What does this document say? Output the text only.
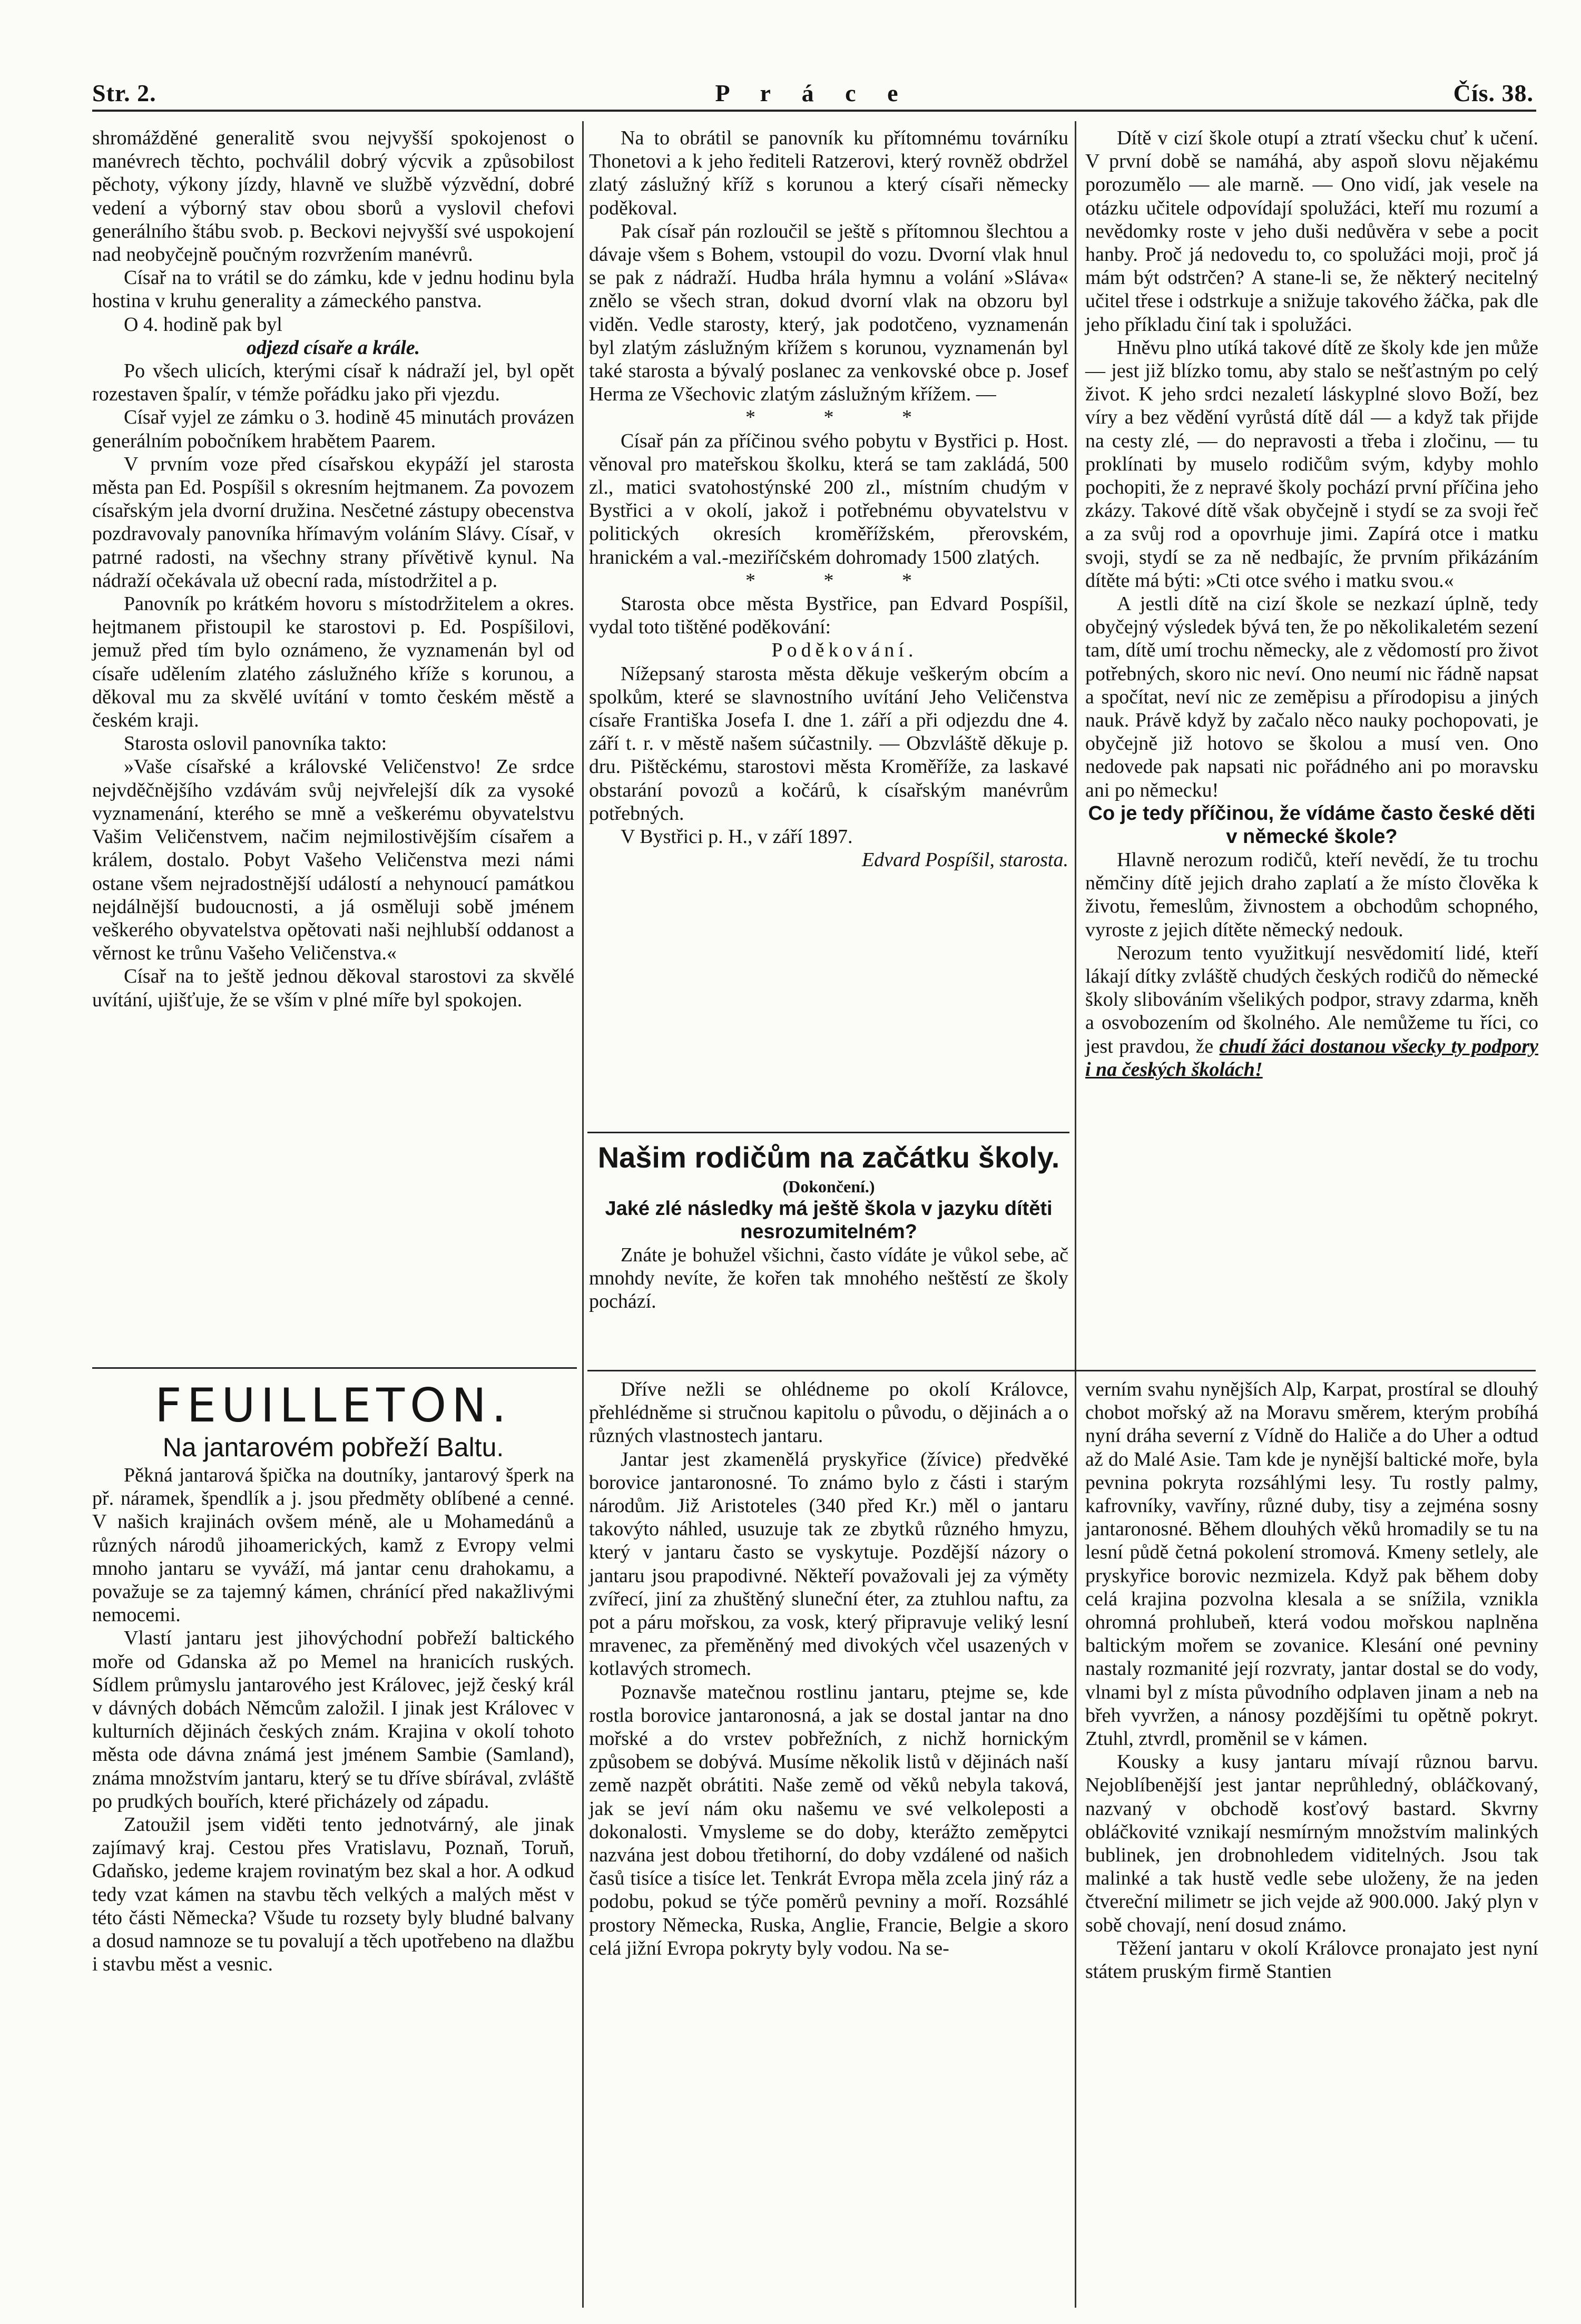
Str. 2.	P r á c e	Čís. 38.

shromážděné generalitě svou nejvyšší spokojenost o manévrech těchto, pochválil dobrý výcvik a způsobilost pěchoty, výkony jízdy, hlavně ve službě výzvědní, dobré vedení a výborný stav obou sborů a vyslovil chefovi generálního štábu svob. p. Beckovi nejvyšší své uspokojení nad neobyčejně poučným rozvržením manévrů.

Císař na to vrátil se do zámku, kde v jednu hodinu byla hostina v kruhu generality a zámeckého panstva.

O 4. hodině pak byl

odjezd císaře a krále.

Po všech ulicích, kterými císař k nádraží jel, byl opět rozestaven špalír, v témže pořádku jako při vjezdu.

Císař vyjel ze zámku o 3. hodině 45 minutách provázen generálním pobočníkem hrabětem Paarem.

V prvním voze před císařskou ekypáží jel starosta města pan Ed. Pospíšil s okresním hejtmanem. Za povozem císařským jela dvorní družina. Nesčetné zástupy obecenstva pozdravovaly panovníka hřímavým voláním Slávy. Císař, v patrné radosti, na všechny strany přívětivě kynul. Na nádraží očekávala už obecní rada, místodržitel a p.

Panovník po krátkém hovoru s místodržitelem a okres. hejtmanem přistoupil ke starostovi p. Ed. Pospíšilovi, jemuž před tím bylo oznámeno, že vyznamenán byl od císaře udělením zlatého záslužného kříže s korunou, a děkoval mu za skvělé uvítání v tomto českém městě a českém kraji.

Starosta oslovil panovníka takto:

»Vaše císařské a královské Veličenstvo! Ze srdce nejvděčnějšího vzdávám svůj nejvřelejší dík za vysoké vyznamenání, kterého se mně a veškerému obyvatelstvu Vašim Veličenstvem, načim nejmilostivějším císařem a králem, dostalo. Pobyt Vašeho Veličenstva mezi námi ostane všem nejradostnější událostí a nehynoucí památkou nejdálnější budoucnosti, a já osměluji sobě jménem veškerého obyvatelstva opětovati naši nejhlubší oddanost a věrnost ke trůnu Vašeho Veličenstva.«

Císař na to ještě jednou děkoval starostovi za skvělé uvítání, ujišťuje, že se vším v plné míře byl spokojen.

FEUILLETON.
Na jantarovém pobřeží Baltu.

Pěkná jantarová špička na doutníky, jantarový šperk na př. náramek, špendlík a j. jsou předměty oblíbené a cenné. V našich krajinách ovšem méně, ale u Mohamedánů a různých národů jihoamerických, kamž z Evropy velmi mnoho jantaru se vyváží, má jantar cenu drahokamu, a považuje se za tajemný kámen, chránící před nakažlivými nemocemi.

Vlastí jantaru jest jihovýchodní pobřeží baltického moře od Gdanska až po Memel na hranicích ruských. Sídlem průmyslu jantarového jest Královec, jejž český král v dávných dobách Němcům založil. I jinak jest Královec v kulturních dějinách českých znám. Krajina v okolí tohoto města ode dávna známá jest jménem Sambie (Samland), známa množstvím jantaru, který se tu dříve sbírával, zvláště po prudkých bouřích, které přicházely od západu.

Zatoužil jsem viděti tento jednotvárný, ale jinak zajímavý kraj. Cestou přes Vratislavu, Poznaň, Toruň, Gdaňsko, jedeme krajem rovinatým bez skal a hor. A odkud tedy vzat kámen na stavbu těch velkých a malých měst v této části Německa? Všude tu rozsety byly bludné balvany a dosud namnoze se tu povalují a těch upotřebeno na dlažbu i stavbu měst a vesnic.

Na to obrátil se panovník ku přítomnému továrníku Thonetovi a k jeho řediteli Ratzerovi, který rovněž obdržel zlatý záslužný kříž s korunou a který císaři německy poděkoval.

Pak císař pán rozloučil se ještě s přítomnou šlechtou a dávaje všem s Bohem, vstoupil do vozu. Dvorní vlak hnul se pak z nádraží. Hudba hrála hymnu a volání »Sláva« znělo se všech stran, dokud dvorní vlak na obzoru byl viděn. Vedle starosty, který, jak podotčeno, vyznamenán byl zlatým záslužným křížem s korunou, vyznamenán byl také starosta a bývalý poslanec za venkovské obce p. Josef Herma ze Všechovic zlatým záslužným křížem. —

* * *

Císař pán za příčinou svého pobytu v Bystřici p. Host. věnoval pro mateřskou školku, která se tam zakládá, 500 zl., matici svatohostýnské 200 zl., místním chudým v Bystřici a v okolí, jakož i potřebnému obyvatelstvu v politických okresích kroměřížském, přerovském, hranickém a val.-meziříčském dohromady 1500 zlatých.

* * *

Starosta obce města Bystřice, pan Edvard Pospíšil, vydal toto tištěné poděkování:

Poděkování.

Nížepsaný starosta města děkuje veškerým obcím a spolkům, které se slavnostního uvítání Jeho Veličenstva císaře Františka Josefa I. dne 1. září a při odjezdu dne 4. září t. r. v městě našem súčastnily. — Obzvláště děkuje p. dru. Pištěckému, starostovi města Kroměříže, za laskavé obstarání povozů a kočárů, k císařským manévrům potřebných.

V Bystřici p. H., v září 1897.

Edvard Pospíšil, starosta.

Našim rodičům na začátku školy.
(Dokončení.)
Jaké zlé následky má ještě škola v jazyku dítěti nesrozumitelném?

Znáte je bohužel všichni, často vídáte je vůkol sebe, ač mnohdy nevíte, že kořen tak mnohého neštěstí ze školy pochází.

Dříve nežli se ohlédneme po okolí Královce, přehlédněme si stručnou kapitolu o původu, o dějinách a o různých vlastnostech jantaru.

Jantar jest zkamenělá pryskyřice (žívice) předvěké borovice jantaronosné. To známo bylo z části i starým národům. Již Aristoteles (340 před Kr.) měl o jantaru takovýto náhled, usuzuje tak ze zbytků různého hmyzu, který v jantaru často se vyskytuje. Pozdější názory o jantaru jsou prapodivné. Někteří považovali jej za výměty zvířecí, jiní za zhuštěný sluneční éter, za ztuhlou naftu, za pot a páru mořskou, za vosk, který připravuje veliký lesní mravenec, za přeměněný med divokých včel usazených v kotlavých stromech.

Poznavše matečnou rostlinu jantaru, ptejme se, kde rostla borovice jantaronosná, a jak se dostal jantar na dno mořské a do vrstev pobřežních, z nichž hornickým způsobem se dobývá. Musíme několik listů v dějinách naší země nazpět obrátiti. Naše země od věků nebyla taková, jak se jeví nám oku našemu ve své velkoleposti a dokonalosti. Vmysleme se do doby, kterážto zeměpytci nazvána jest dobou třetihorní, do doby vzdálené od našich časů tisíce a tisíce let. Tenkrát Evropa měla zcela jiný ráz a podobu, pokud se týče poměrů pevniny a moří. Rozsáhlé prostory Německa, Ruska, Anglie, Francie, Belgie a skoro celá jižní Evropa pokryty byly vodou. Na se-

Dítě v cizí škole otupí a ztratí všecku chuť k učení. V první době se namáhá, aby aspoň slovu nějakému porozumělo — ale marně. — Ono vidí, jak vesele na otázku učitele odpovídají spolužáci, kteří mu rozumí a nevědomky roste v jeho duši nedůvěra v sebe a pocit hanby. Proč já nedovedu to, co spolužáci moji, proč já mám být odstrčen? A stane-li se, že některý necitelný učitel třese i odstrkuje a snižuje takového žáčka, pak dle jeho příkladu činí tak i spolužáci.

Hněvu plno utíká takové dítě ze školy kde jen může — jest již blízko tomu, aby stalo se nešťastným po celý život. K jeho srdci nezaletí láskyplné slovo Boží, bez víry a bez vědění vyrůstá dítě dál — a když tak přijde na cesty zlé, — do nepravosti a třeba i zločinu, — tu proklínati by muselo rodičům svým, kdyby mohlo pochopiti, že z nepravé školy pochází první příčina jeho zkázy. Takové dítě však obyčejně i stydí se za svoji řeč a za svůj rod a opovrhuje jimi. Zapírá otce i matku svoji, stydí se za ně nedbajíc, že prvním přikázáním dítěte má býti: »Cti otce svého i matku svou.«

A jestli dítě na cizí škole se nezkazí úplně, tedy obyčejný výsledek bývá ten, že po několikaletém sezení tam, dítě umí trochu německy, ale z vědomostí pro život potřebných, skoro nic neví. Ono neumí nic řádně napsat a spočítat, neví nic ze zeměpisu a přírodopisu a jiných nauk. Právě když by začalo něco nauky pochopovati, je obyčejně již hotovo se školou a musí ven. Ono nedovede pak napsati nic pořádného ani po moravsku ani po německu!

Co je tedy příčinou, že vídáme často české děti v německé škole?

Hlavně nerozum rodičů, kteří nevědí, že tu trochu němčiny dítě jejich draho zaplatí a že místo člověka k životu, řemeslům, živnostem a obchodům schopného, vyroste z jejich dítěte německý nedouk.

Nerozum tento využitkují nesvědomití lidé, kteří lákají dítky zvláště chudých českých rodičů do německé školy slibováním všelikých podpor, stravy zdarma, kněh a osvobozením od školného. Ale nemůžeme tu říci, co jest pravdou, že chudí žáci dostanou všecky ty podpory i na českých školách!

verním svahu nynějších Alp, Karpat, prostíral se dlouhý chobot mořský až na Moravu směrem, kterým probíhá nyní dráha severní z Vídně do Haliče a do Uher a odtud až do Malé Asie. Tam kde je nynější baltické moře, byla pevnina pokryta rozsáhlými lesy. Tu rostly palmy, kafrovníky, vavříny, různé duby, tisy a zejména sosny jantaronosné. Během dlouhých věků hromadily se tu na lesní půdě četná pokolení stromová. Kmeny setlely, ale pryskyřice borovic nezmizela. Když pak během doby celá krajina pozvolna klesala a se snížila, vznikla ohromná prohlubeň, která vodou mořskou naplněna baltickým mořem se zovanice. Klesání oné pevniny nastaly rozmanité její rozvraty, jantar dostal se do vody, vlnami byl z místa původního odplaven jinam a neb na břeh vyvržen, a nánosy pozdějšími tu opětně pokryt. Ztuhl, ztvrdl, proměnil se v kámen.

Kousky a kusy jantaru mívají různou barvu. Nejoblíbenější jest jantar neprůhledný, obláčkovaný, nazvaný v obchodě kosťový bastard. Skvrny obláčkovité vznikají nesmírným množstvím malinkých bublinek, jen drobnohledem viditelných. Jsou tak malinké a tak hustě vedle sebe uloženy, že na jeden čtvereční milimetr se jich vejde až 900.000. Jaký plyn v sobě chovají, není dosud známo.

Těžení jantaru v okolí Královce pronajato jest nyní státem pruským firmě Stantien
